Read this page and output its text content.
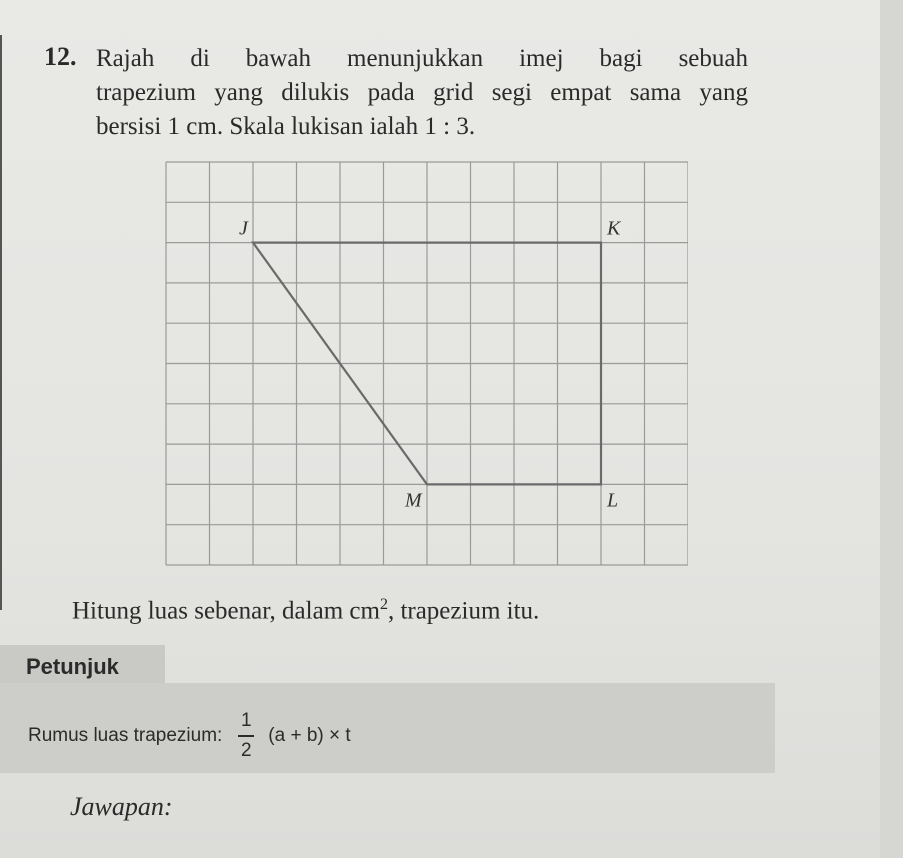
12. Rajah di bawah menunjukkan imej bagi sebuah
trapezium yang dilukis pada grid segi empat sama yang
bersisi 1 cm. Skala lukisan ialah 1 : 3.
J	K
L
M
Hitung luas sebenar, dalam $cm^2$, trapezium itu.
Petunjuk
Rumus luas trapezium: $\frac{1}{2} (a + b) \times t$
Jawapan:
